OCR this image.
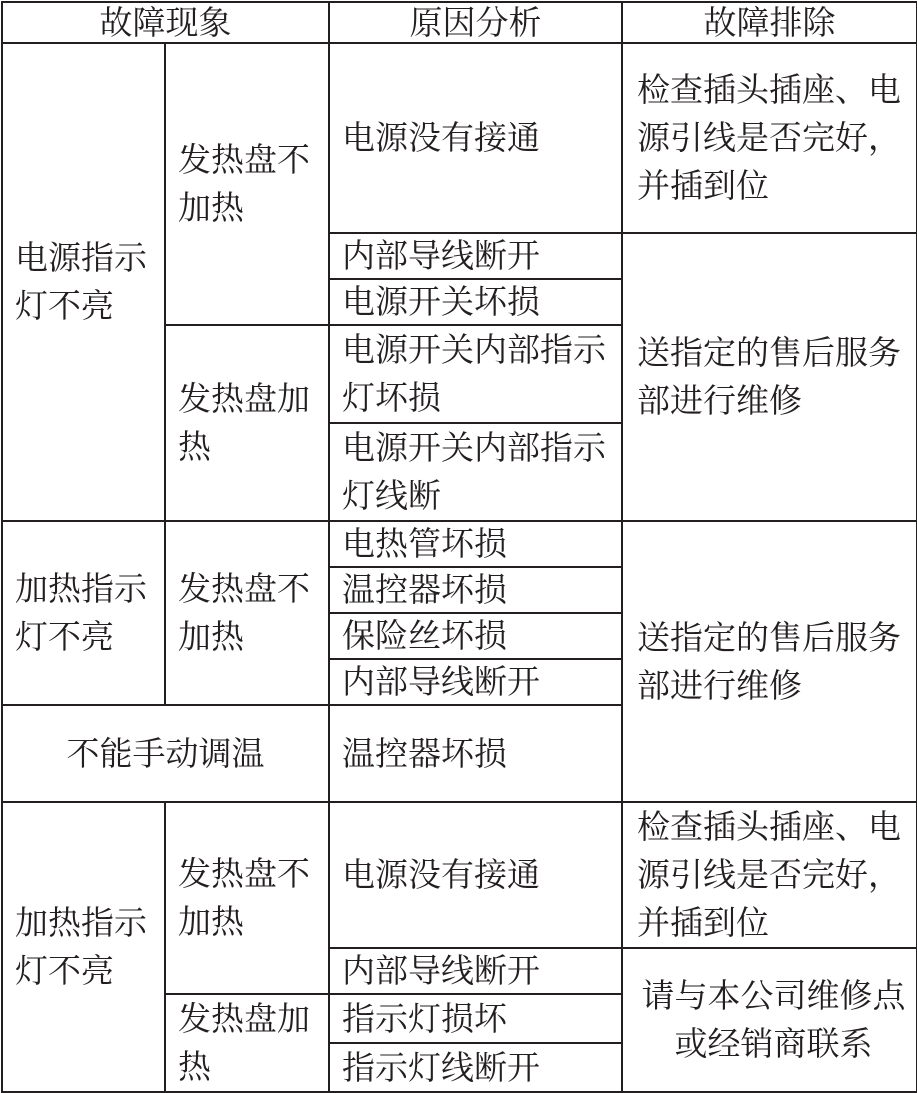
故障现象		原因分析	故障排除
电源指示灯不亮	发热盘不加热	电源没有接通	检查插头插座、电源引线是否完好，并插到位
		内部导线断开	送指定的售后服务部进行维修
		电源开关坏损	
	发热盘加热	电源开关内部指示灯坏损	
		电源开关内部指示灯线断	

加热指示灯不亮	发热盘不加热	电热管坏损	送指定的售后服务部进行维修
		温控器坏损	
		保险丝坏损	
		内部导线断开	
不能手动调温		温控器坏损	
加热指示灯不亮	发热盘不加热	电源没有接通	检查插头插座、电源引线是否完好，并插到位
		内部导线断开	请与本公司维修点或经销商联系
	发热盘加热	指示灯损坏	
		指示灯线断开	
